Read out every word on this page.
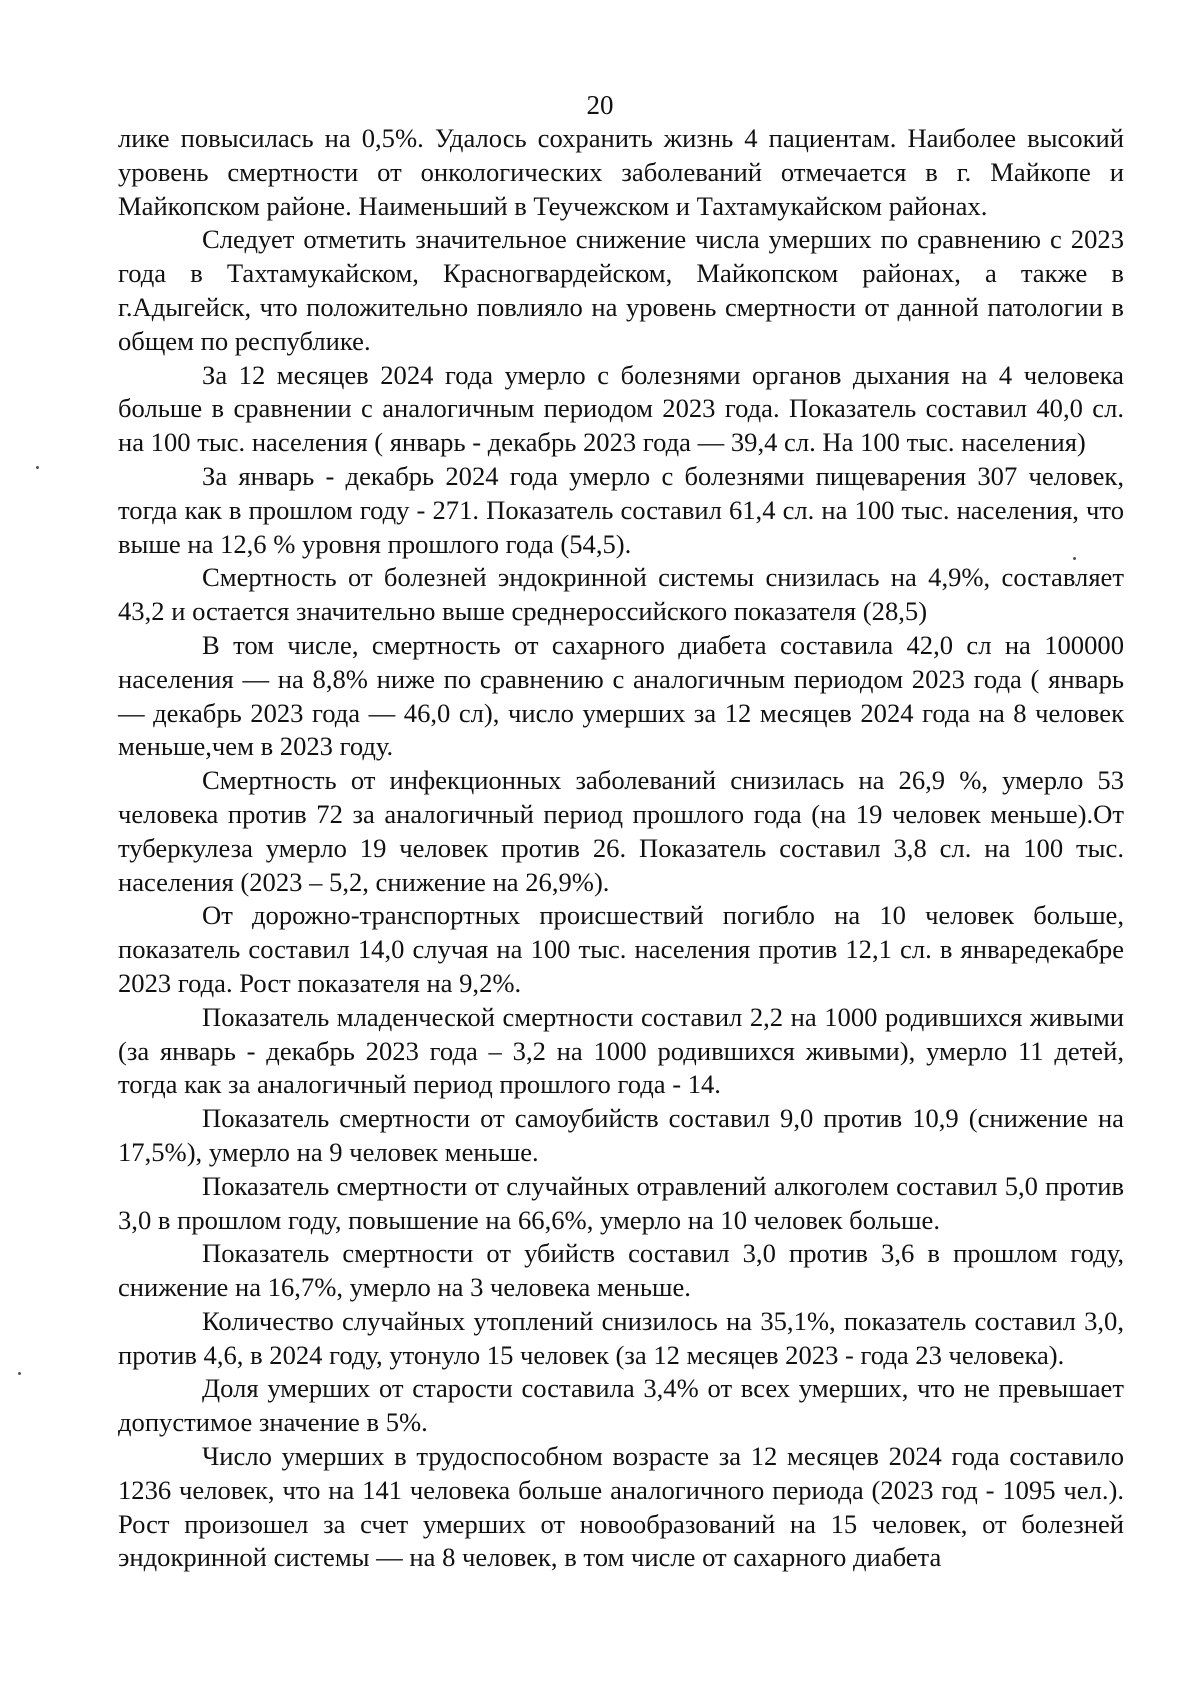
20

лике повысилась на 0,5%. Удалось сохранить жизнь 4 пациентам. Наиболее высокий уровень смертности от онкологических заболеваний отмечается в г. Майкопе и Майкопском районе. Наименьший в Теучежском и Тахтамукайском районах.

Следует отметить значительное снижение числа умерших по сравнению с 2023 года в Тахтамукайском, Красногвардейском, Майкопском районах, а также в г.Адыгейск, что положительно повлияло на уровень смертности от данной патологии в общем по республике.

За 12 месяцев 2024 года умерло с болезнями органов дыхания на 4 человека больше в сравнении с аналогичным периодом 2023 года. Показатель составил 40,0 сл. на 100 тыс. населения ( январь - декабрь 2023 года — 39,4 сл. На 100 тыс. населения)

За январь - декабрь 2024 года умерло с болезнями пищеварения 307 человек, тогда как в прошлом году - 271. Показатель составил 61,4 сл. на 100 тыс. населения, что выше на 12,6 % уровня прошлого года (54,5).

Смертность от болезней эндокринной системы снизилась на 4,9%, составляет 43,2 и остается значительно выше среднероссийского показателя (28,5)

В том числе, смертность от сахарного диабета составила 42,0 сл на 100000 населения — на 8,8% ниже по сравнению с аналогичным периодом 2023 года ( январь — декабрь 2023 года — 46,0 сл), число умерших за 12 месяцев 2024 года на 8 человек меньше,чем в 2023 году.

Смертность от инфекционных заболеваний снизилась на 26,9 %, умерло 53 человека против 72 за аналогичный период прошлого года (на 19 человек меньше).От туберкулеза умерло 19 человек против 26. Показатель составил 3,8 сл. на 100 тыс. населения (2023 – 5,2, снижение на 26,9%).

От дорожно-транспортных происшествий погибло на 10 человек больше, показатель составил 14,0 случая на 100 тыс. населения против 12,1 сл. в январедекабре 2023 года. Рост показателя на 9,2%.

Показатель младенческой смертности составил 2,2 на 1000 родившихся живыми (за январь - декабрь 2023 года – 3,2 на 1000 родившихся живыми), умерло 11 детей, тогда как за аналогичный период прошлого года - 14.

Показатель смертности от самоубийств составил 9,0 против 10,9 (снижение на 17,5%), умерло на 9 человек меньше.

Показатель смертности от случайных отравлений алкоголем составил 5,0 против 3,0 в прошлом году, повышение на 66,6%, умерло на 10 человек больше.

Показатель смертности от убийств составил 3,0 против 3,6 в прошлом году, снижение на 16,7%, умерло на 3 человека меньше.

Количество случайных утоплений снизилось на 35,1%, показатель составил 3,0, против 4,6, в 2024 году, утонуло 15 человек (за 12 месяцев 2023 - года 23 человека).

Доля умерших от старости составила 3,4% от всех умерших, что не превышает допустимое значение в 5%.

Число умерших в трудоспособном возрасте за 12 месяцев 2024 года составило 1236 человек, что на 141 человека больше аналогичного периода (2023 год - 1095 чел.). Рост произошел за счет умерших от новообразований на 15 человек, от болезней эндокринной системы — на 8 человек, в том числе от сахарного диабета
